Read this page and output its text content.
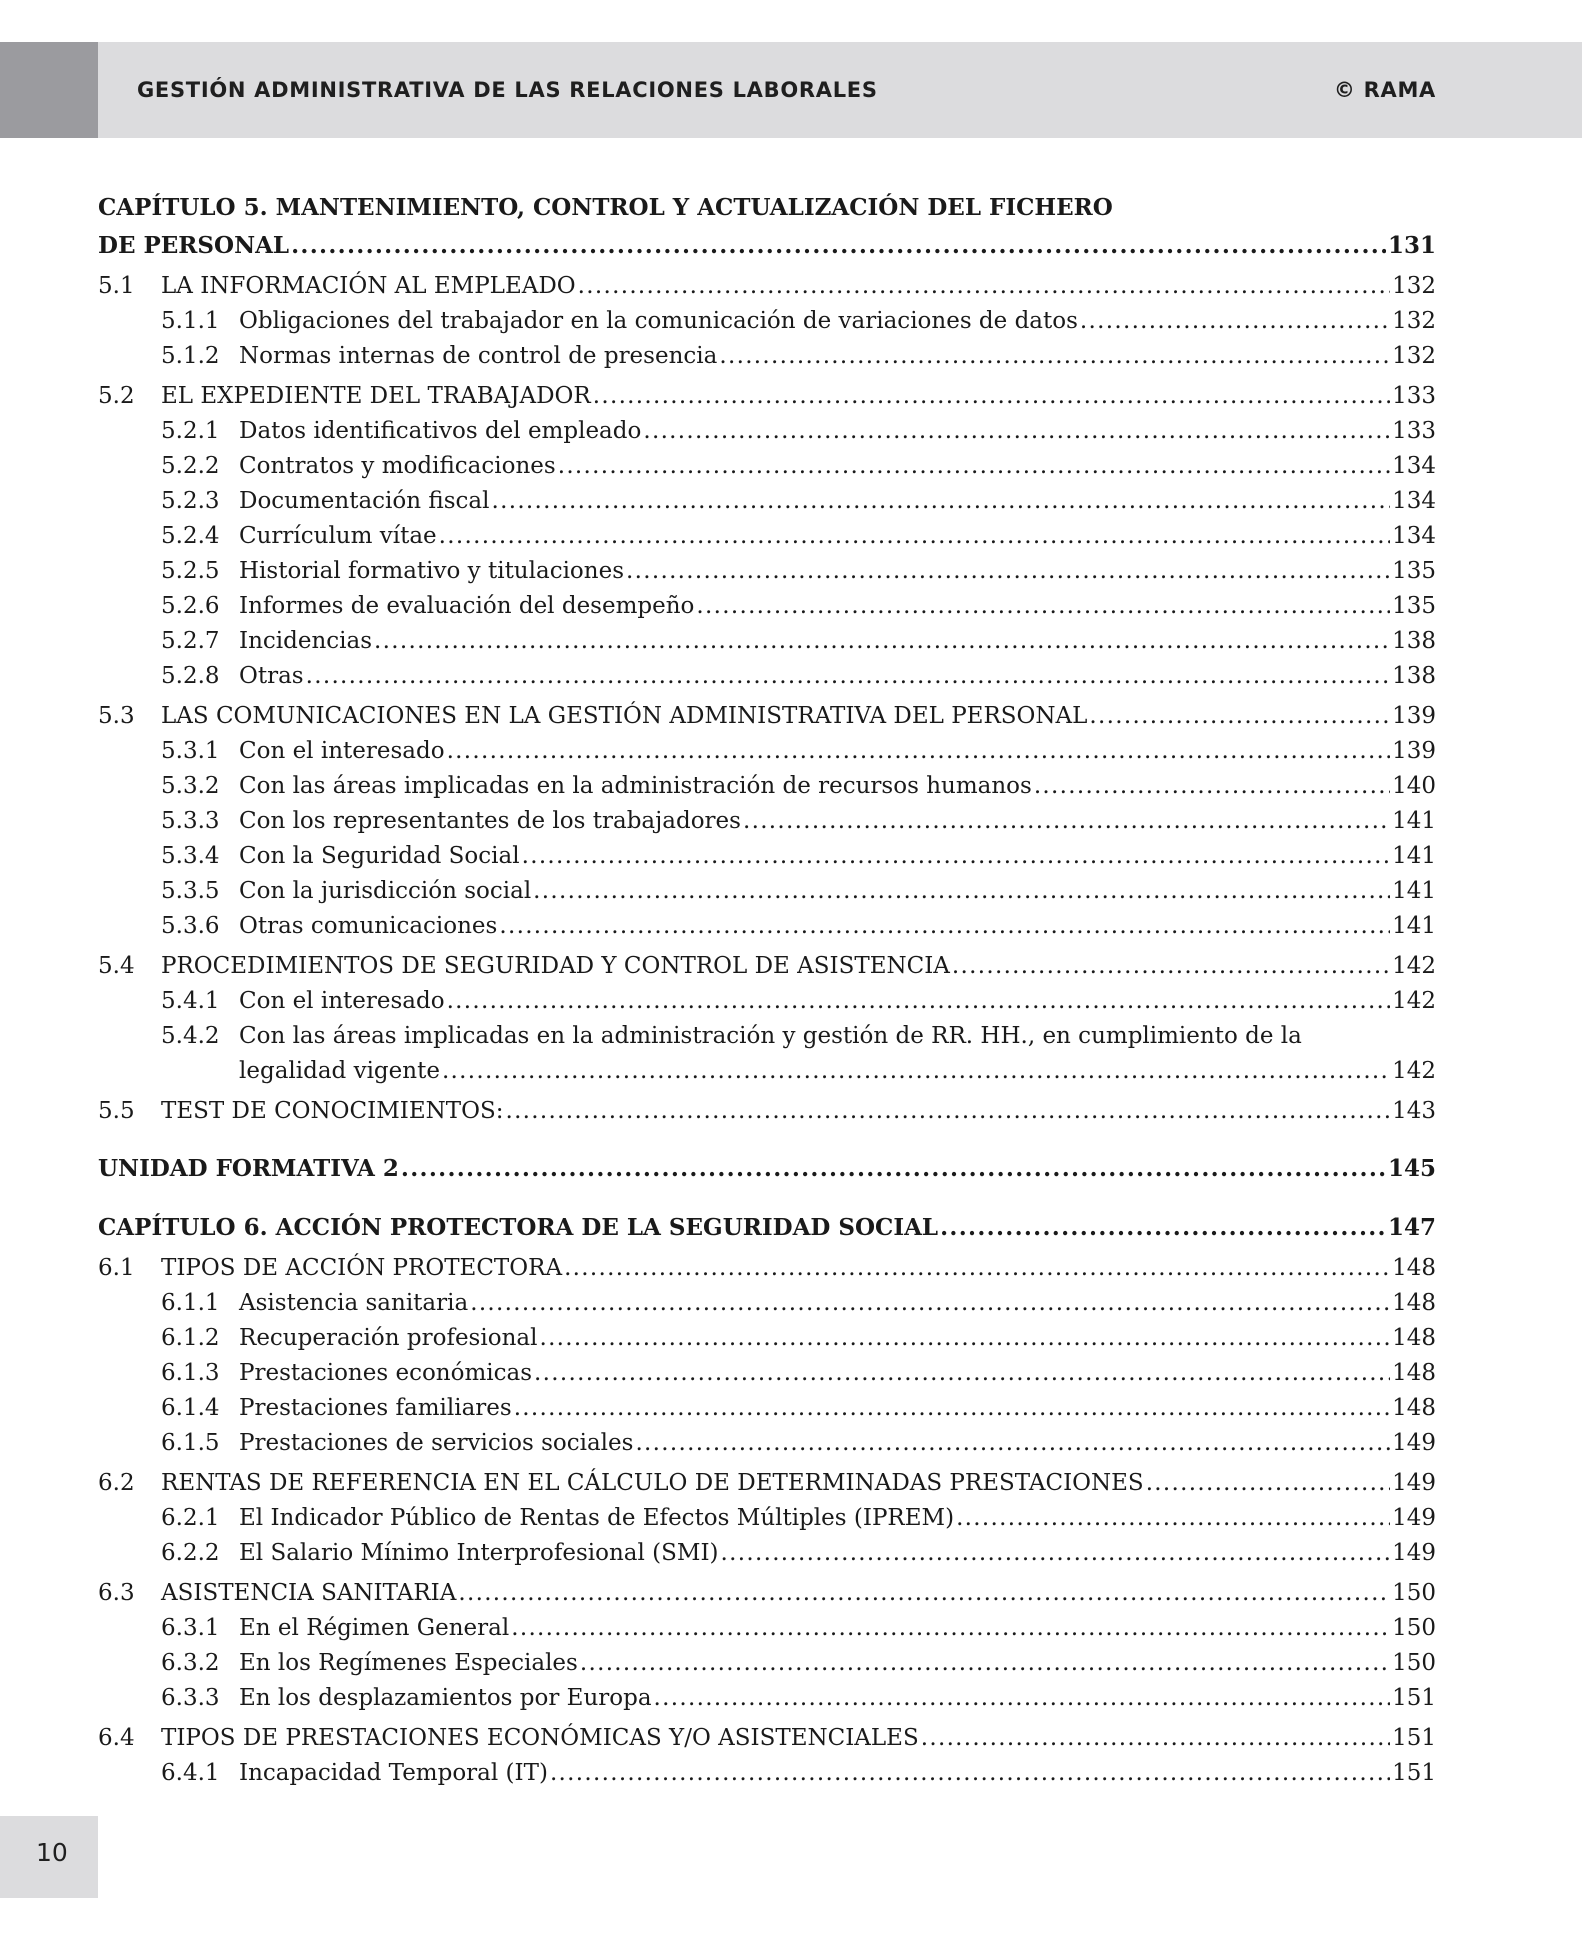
GESTIÓN ADMINISTRATIVA DE LAS RELACIONES LABORALES	© RAMA
CAPÍTULO 5. MANTENIMIENTO, CONTROL Y ACTUALIZACIÓN DEL FICHERO
DE PERSONAL .....	131
5.1	LA INFORMACIÓN AL EMPLEADO .....	132
5.1.1 Obligaciones del trabajador en la comunicación de variaciones de datos .....	132
5.1.2 Normas internas de control de presencia .....	132
5.2	EL EXPEDIENTE DEL TRABAJADOR .....	133
5.2.1 Datos identificativos del empleado .....	133
5.2.2 Contratos y modificaciones .....	134
5.2.3 Documentación fiscal .....	134
5.2.4 Currículum vítae .....	134
5.2.5 Historial formativo y titulaciones .....	135
5.2.6 Informes de evaluación del desempeño .....	135
5.2.7 Incidencias .....	138
5.2.8 Otras .....	138
5.3	LAS COMUNICACIONES EN LA GESTIÓN ADMINISTRATIVA DEL PERSONAL .....	139
5.3.1 Con el interesado .....	139
5.3.2 Con las áreas implicadas en la administración de recursos humanos .....	140
5.3.3 Con los representantes de los trabajadores .....	141
5.3.4 Con la Seguridad Social .....	141
5.3.5 Con la jurisdicción social .....	141
5.3.6 Otras comunicaciones .....	141
5.4	PROCEDIMIENTOS DE SEGURIDAD Y CONTROL DE ASISTENCIA .....	142
5.4.1 Con el interesado .....	142
5.4.2 Con las áreas implicadas en la administración y gestión de RR. HH., en cumplimiento de la
legalidad vigente .....	142
5.5	TEST DE CONOCIMIENTOS: .....	143
UNIDAD FORMATIVA 2 .....	145
CAPÍTULO 6. ACCIÓN PROTECTORA DE LA SEGURIDAD SOCIAL .....	147
6.1	TIPOS DE ACCIÓN PROTECTORA .....	148
6.1.1 Asistencia sanitaria .....	148
6.1.2 Recuperación profesional .....	148
6.1.3 Prestaciones económicas .....	148
6.1.4 Prestaciones familiares .....	148
6.1.5 Prestaciones de servicios sociales .....	149
6.2	RENTAS DE REFERENCIA EN EL CÁLCULO DE DETERMINADAS PRESTACIONES .....	149
6.2.1 El Indicador Público de Rentas de Efectos Múltiples (IPREM) .....	149
6.2.2 El Salario Mínimo Interprofesional (SMI) .....	149
6.3	ASISTENCIA SANITARIA .....	150
6.3.1 En el Régimen General .....	150
6.3.2 En los Regímenes Especiales .....	150
6.3.3 En los desplazamientos por Europa .....	151
6.4	TIPOS DE PRESTACIONES ECONÓMICAS Y/O ASISTENCIALES .....	151
6.4.1 Incapacidad Temporal (IT) .....	151
10
